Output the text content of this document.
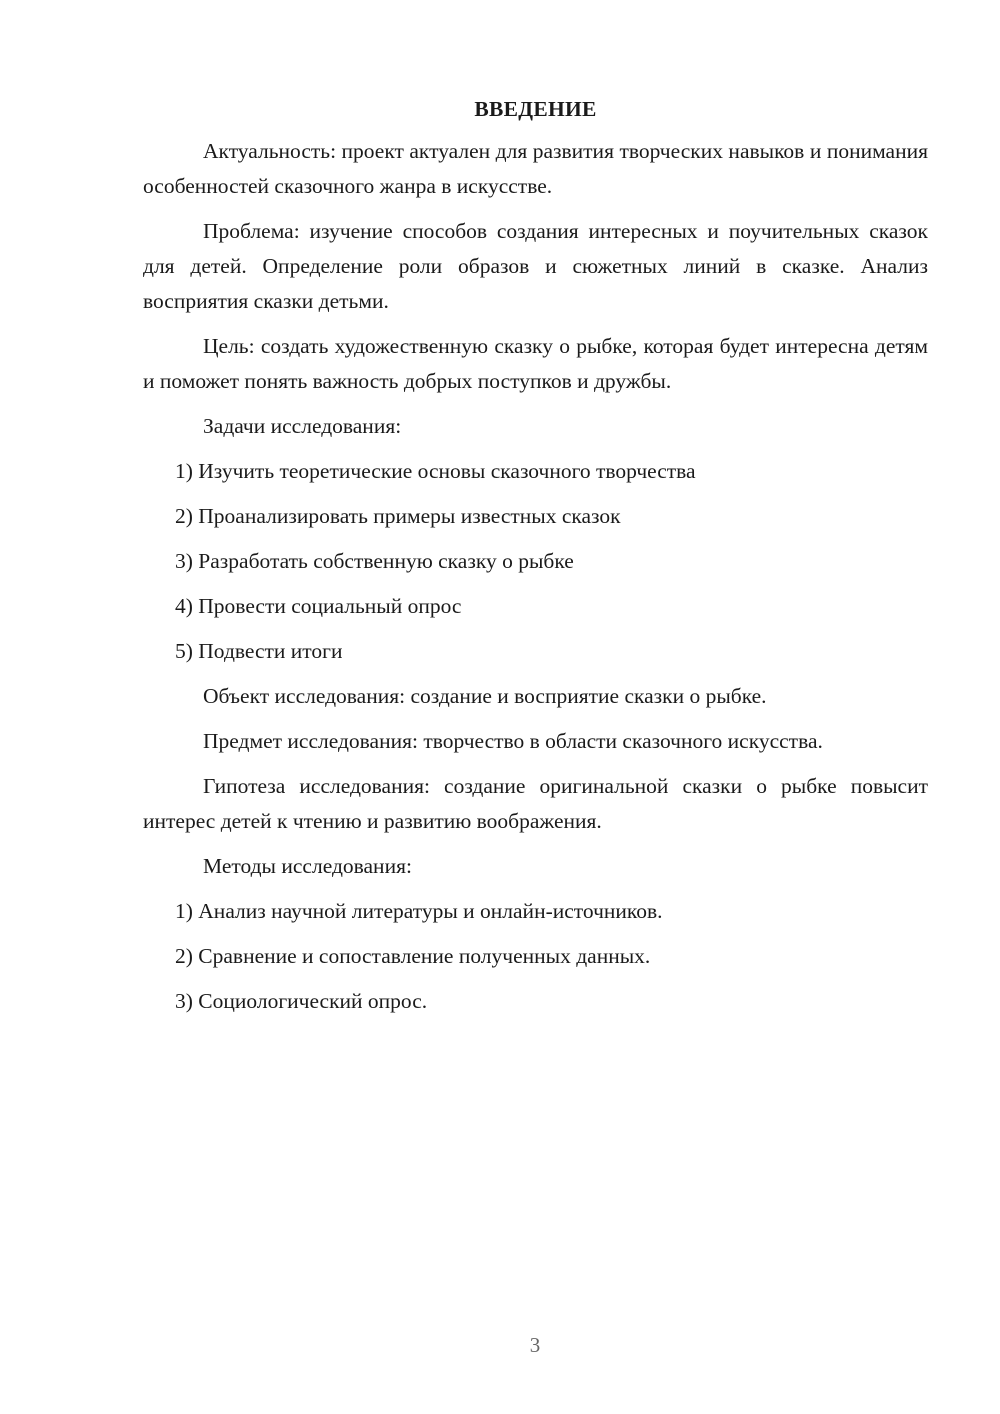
ВВЕДЕНИЕ

Актуальность: проект актуален для развития творческих навыков и понимания особенностей сказочного жанра в искусстве.

Проблема: изучение способов создания интересных и поучительных сказок для детей. Определение роли образов и сюжетных линий в сказке. Анализ восприятия сказки детьми.

Цель: создать художественную сказку о рыбке, которая будет интересна детям и поможет понять важность добрых поступков и дружбы.

Задачи исследования:
1) Изучить теоретические основы сказочного творчества
2) Проанализировать примеры известных сказок
3) Разработать собственную сказку о рыбке
4) Провести социальный опрос
5) Подвести итоги
Объект исследования: создание и восприятие сказки о рыбке.
Предмет исследования: творчество в области сказочного искусства.

Гипотеза исследования: создание оригинальной сказки о рыбке повысит интерес детей к чтению и развитию воображения.

Методы исследования:
1) Анализ научной литературы и онлайн-источников.
2) Сравнение и сопоставление полученных данных.
3) Социологический опрос.
3
